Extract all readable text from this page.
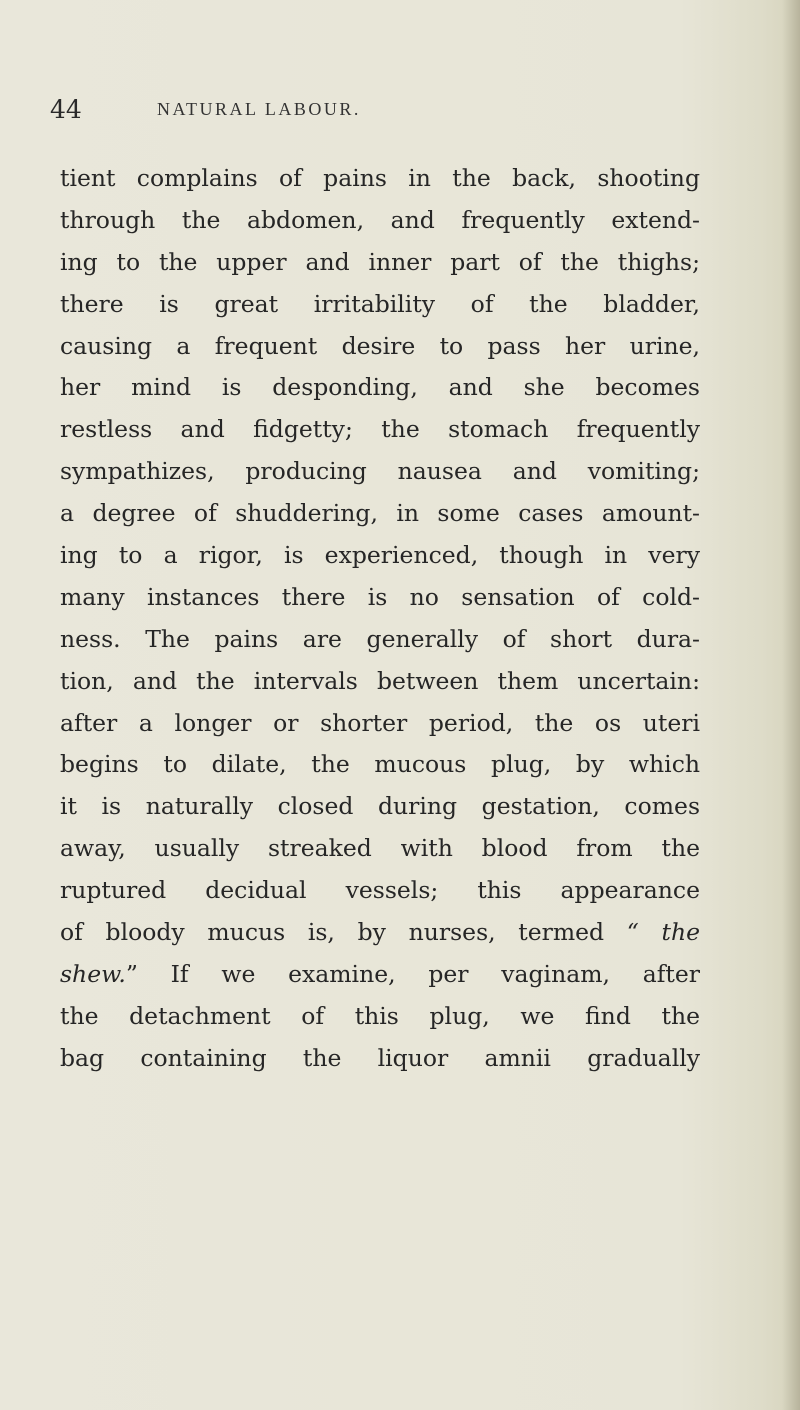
44	NATURAL LABOUR.
tient complains of pains in the back, shooting
through the abdomen, and frequently extend-
ing to the upper and inner part of the thighs;
there is great irritability of the bladder,
causing a frequent desire to pass her urine,
her mind is desponding, and she becomes
restless and fidgetty; the stomach frequently
sympathizes, producing nausea and vomiting;
a degree of shuddering, in some cases amount-
ing to a rigor, is experienced, though in very
many instances there is no sensation of cold-
ness. The pains are generally of short dura-
tion, and the intervals between them uncertain:
after a longer or shorter period, the os uteri
begins to dilate, the mucous plug, by which
it is naturally closed during gestation, comes
away, usually streaked with blood from the
ruptured decidual vessels; this appearance
of bloody mucus is, by nurses, termed “ the
shew.” If we examine, per vaginam, after
the detachment of this plug, we find the
bag containing the liquor amnii gradually
